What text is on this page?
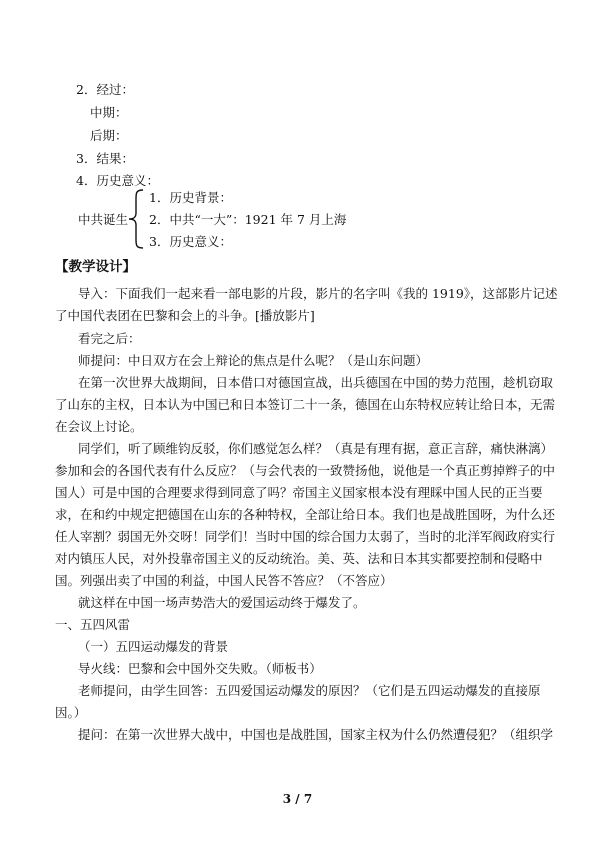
2．经过：
中期：
后期：
3．结果：
4．历史意义：
中共诞生
1．历史背景：
2．中共“一大”：1921 年 7 月上海
3．历史意义：
【教学设计】
导入：下面我们一起来看一部电影的片段，影片的名字叫《我的 1919》，这部影片记述
了中国代表团在巴黎和会上的斗争。[播放影片]
看完之后：
师提问：中日双方在会上辩论的焦点是什么呢？（是山东问题）
在第一次世界大战期间，日本借口对德国宣战，出兵德国在中国的势力范围，趁机窃取
了山东的主权，日本认为中国已和日本签订二十一条，德国在山东特权应转让给日本，无需
在会议上讨论。
同学们，听了顾维钧反驳，你们感觉怎么样？（真是有理有据，意正言辞，痛快淋漓）
参加和会的各国代表有什么反应？（与会代表的一致赞扬他，说他是一个真正剪掉辫子的中
国人）可是中国的合理要求得到同意了吗？帝国主义国家根本没有理睬中国人民的正当要
求，在和约中规定把德国在山东的各种特权，全部让给日本。我们也是战胜国呀，为什么还
任人宰割？弱国无外交呀！同学们！当时中国的综合国力太弱了，当时的北洋军阀政府实行
对内镇压人民，对外投靠帝国主义的反动统治。美、英、法和日本其实都要控制和侵略中
国。列强出卖了中国的利益，中国人民答不答应？（不答应）
就这样在中国一场声势浩大的爱国运动终于爆发了。
一、五四风雷
（一）五四运动爆发的背景
导火线：巴黎和会中国外交失败。（师板书）
老师提问，由学生回答：五四爱国运动爆发的原因？（它们是五四运动爆发的直接原
因。）
提问：在第一次世界大战中，中国也是战胜国，国家主权为什么仍然遭侵犯？（组织学
3 / 7
